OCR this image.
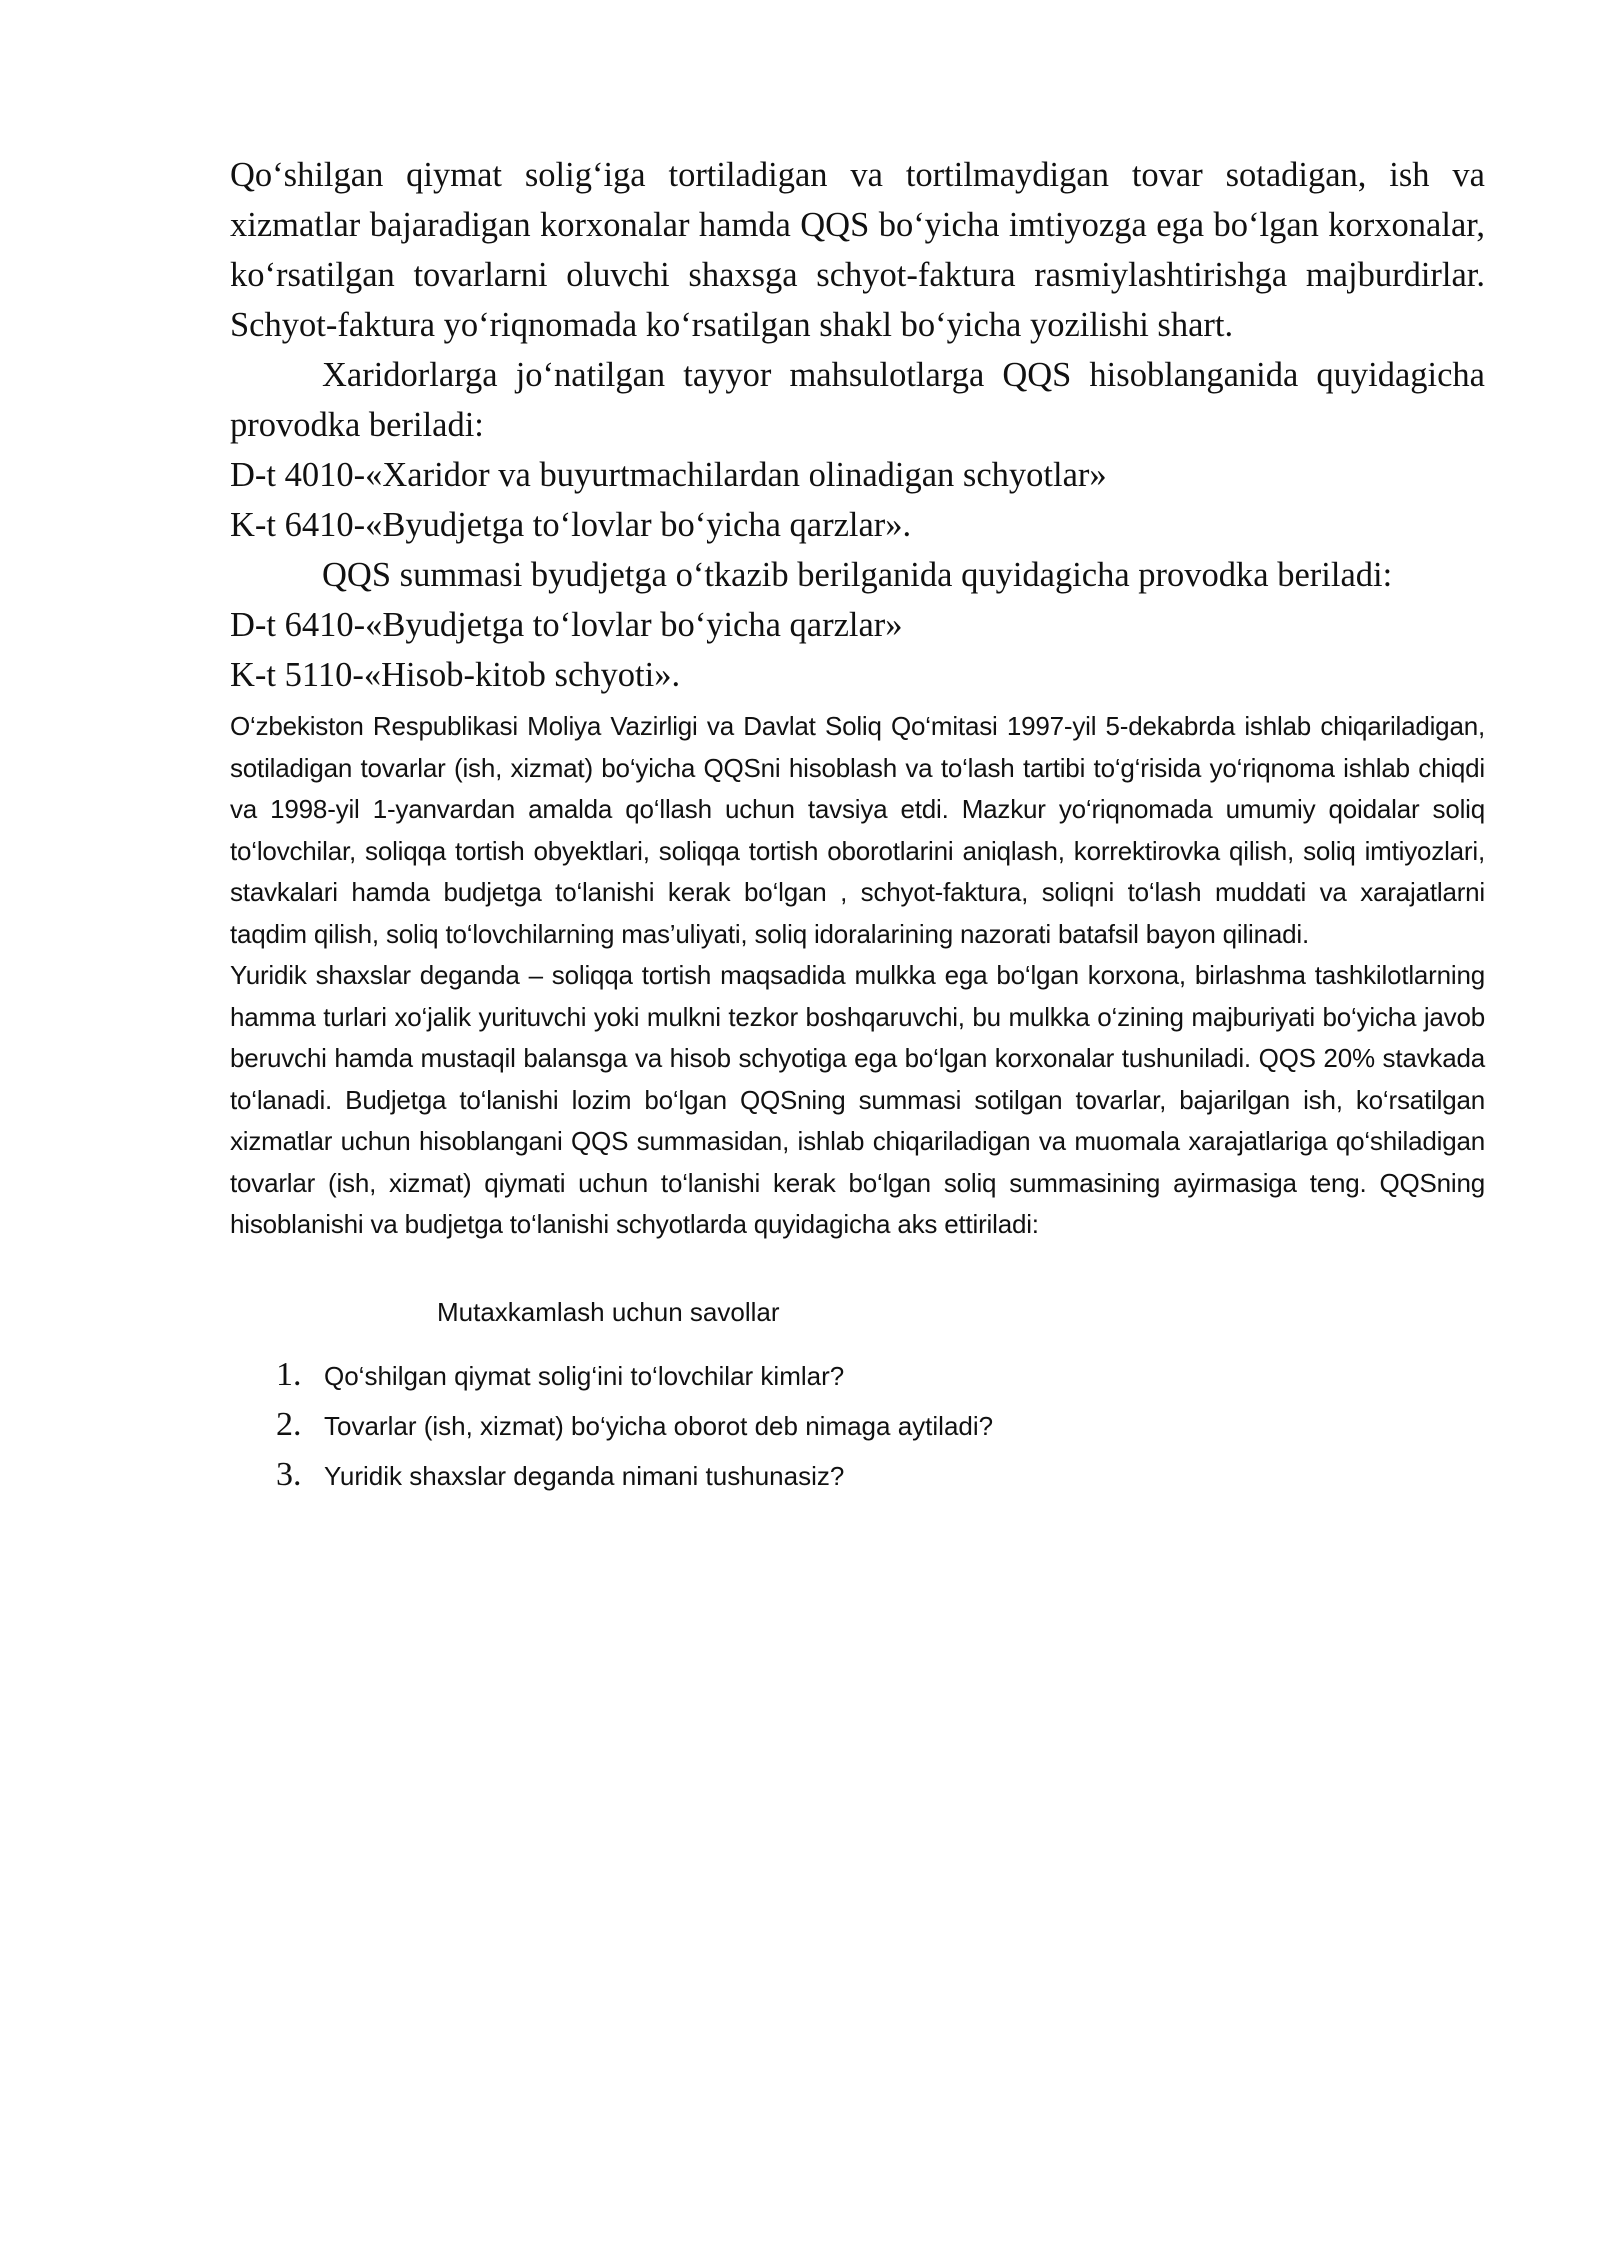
Qo‘shilgan qiymat solig‘iga tortiladigan va tortilmaydigan tovar sotadigan, ish va xizmatlar bajaradigan korxonalar hamda QQS bo‘yicha imtiyozga ega bo‘lgan korxonalar, ko‘rsatilgan tovarlarni oluvchi shaxsga schyot-faktura rasmiylashtirishga majburdirlar. Schyot-faktura yo‘riqnomada ko‘rsatilgan shakl bo‘yicha yozilishi shart.

Xaridorlarga jo‘natilgan tayyor mahsulotlarga QQS hisoblanganida quyidagicha provodka beriladi:

D-t 4010-«Xaridor va buyurtmachilardan olinadigan schyotlar»

K-t 6410-«Byudjetga to‘lovlar bo‘yicha qarzlar».

QQS summasi byudjetga o‘tkazib berilganida quyidagicha provodka beriladi:

D-t 6410-«Byudjetga to‘lovlar bo‘yicha qarzlar»

K-t 5110-«Hisob-kitob schyoti».

O‘zbekiston Respublikasi Moliya Vazirligi va Davlat Soliq Qo‘mitasi 1997-yil 5-dekabrda ishlab chiqariladigan, sotiladigan tovarlar (ish, xizmat) bo‘yicha QQSni hisoblash va to‘lash tartibi to‘g‘risida yo‘riqnoma ishlab chiqdi va 1998-yil 1-yanvardan amalda qo‘llash uchun tavsiya etdi. Mazkur yo‘riqnomada umumiy qoidalar soliq to‘lovchilar, soliqqa tortish obyektlari, soliqqa tortish oborotlarini aniqlash, korrektirovka qilish, soliq imtiyozlari, stavkalari hamda budjetga to‘lanishi kerak bo‘lgan , schyot-faktura, soliqni to‘lash muddati va xarajatlarni taqdim qilish, soliq to‘lovchilarning mas’uliyati, soliq idoralarining nazorati batafsil bayon qilinadi.

Yuridik shaxslar deganda – soliqqa tortish maqsadida mulkka ega bo‘lgan korxona, birlashma tashkilotlarning hamma turlari xo‘jalik yurituvchi yoki mulkni tezkor boshqaruvchi, bu mulkka o‘zining majburiyati bo‘yicha javob beruvchi hamda mustaqil balansga va hisob schyotiga ega bo‘lgan korxonalar tushuniladi. QQS 20% stavkada to‘lanadi. Budjetga to‘lanishi lozim bo‘lgan QQSning summasi sotilgan tovarlar, bajarilgan ish, ko‘rsatilgan xizmatlar uchun hisoblangani QQS summasidan, ishlab chiqariladigan va muomala xarajatlariga qo‘shiladigan tovarlar (ish, xizmat) qiymati uchun to‘lanishi kerak bo‘lgan soliq summasining ayirmasiga teng. QQSning hisoblanishi va budjetga to‘lanishi schyotlarda quyidagicha aks ettiriladi:

Mutaxkamlash uchun savollar
1. Qo‘shilgan qiymat solig‘ini to‘lovchilar kimlar?
2. Tovarlar (ish, xizmat) bo‘yicha oborot deb nimaga aytiladi?
3. Yuridik shaxslar deganda nimani tushunasiz?
